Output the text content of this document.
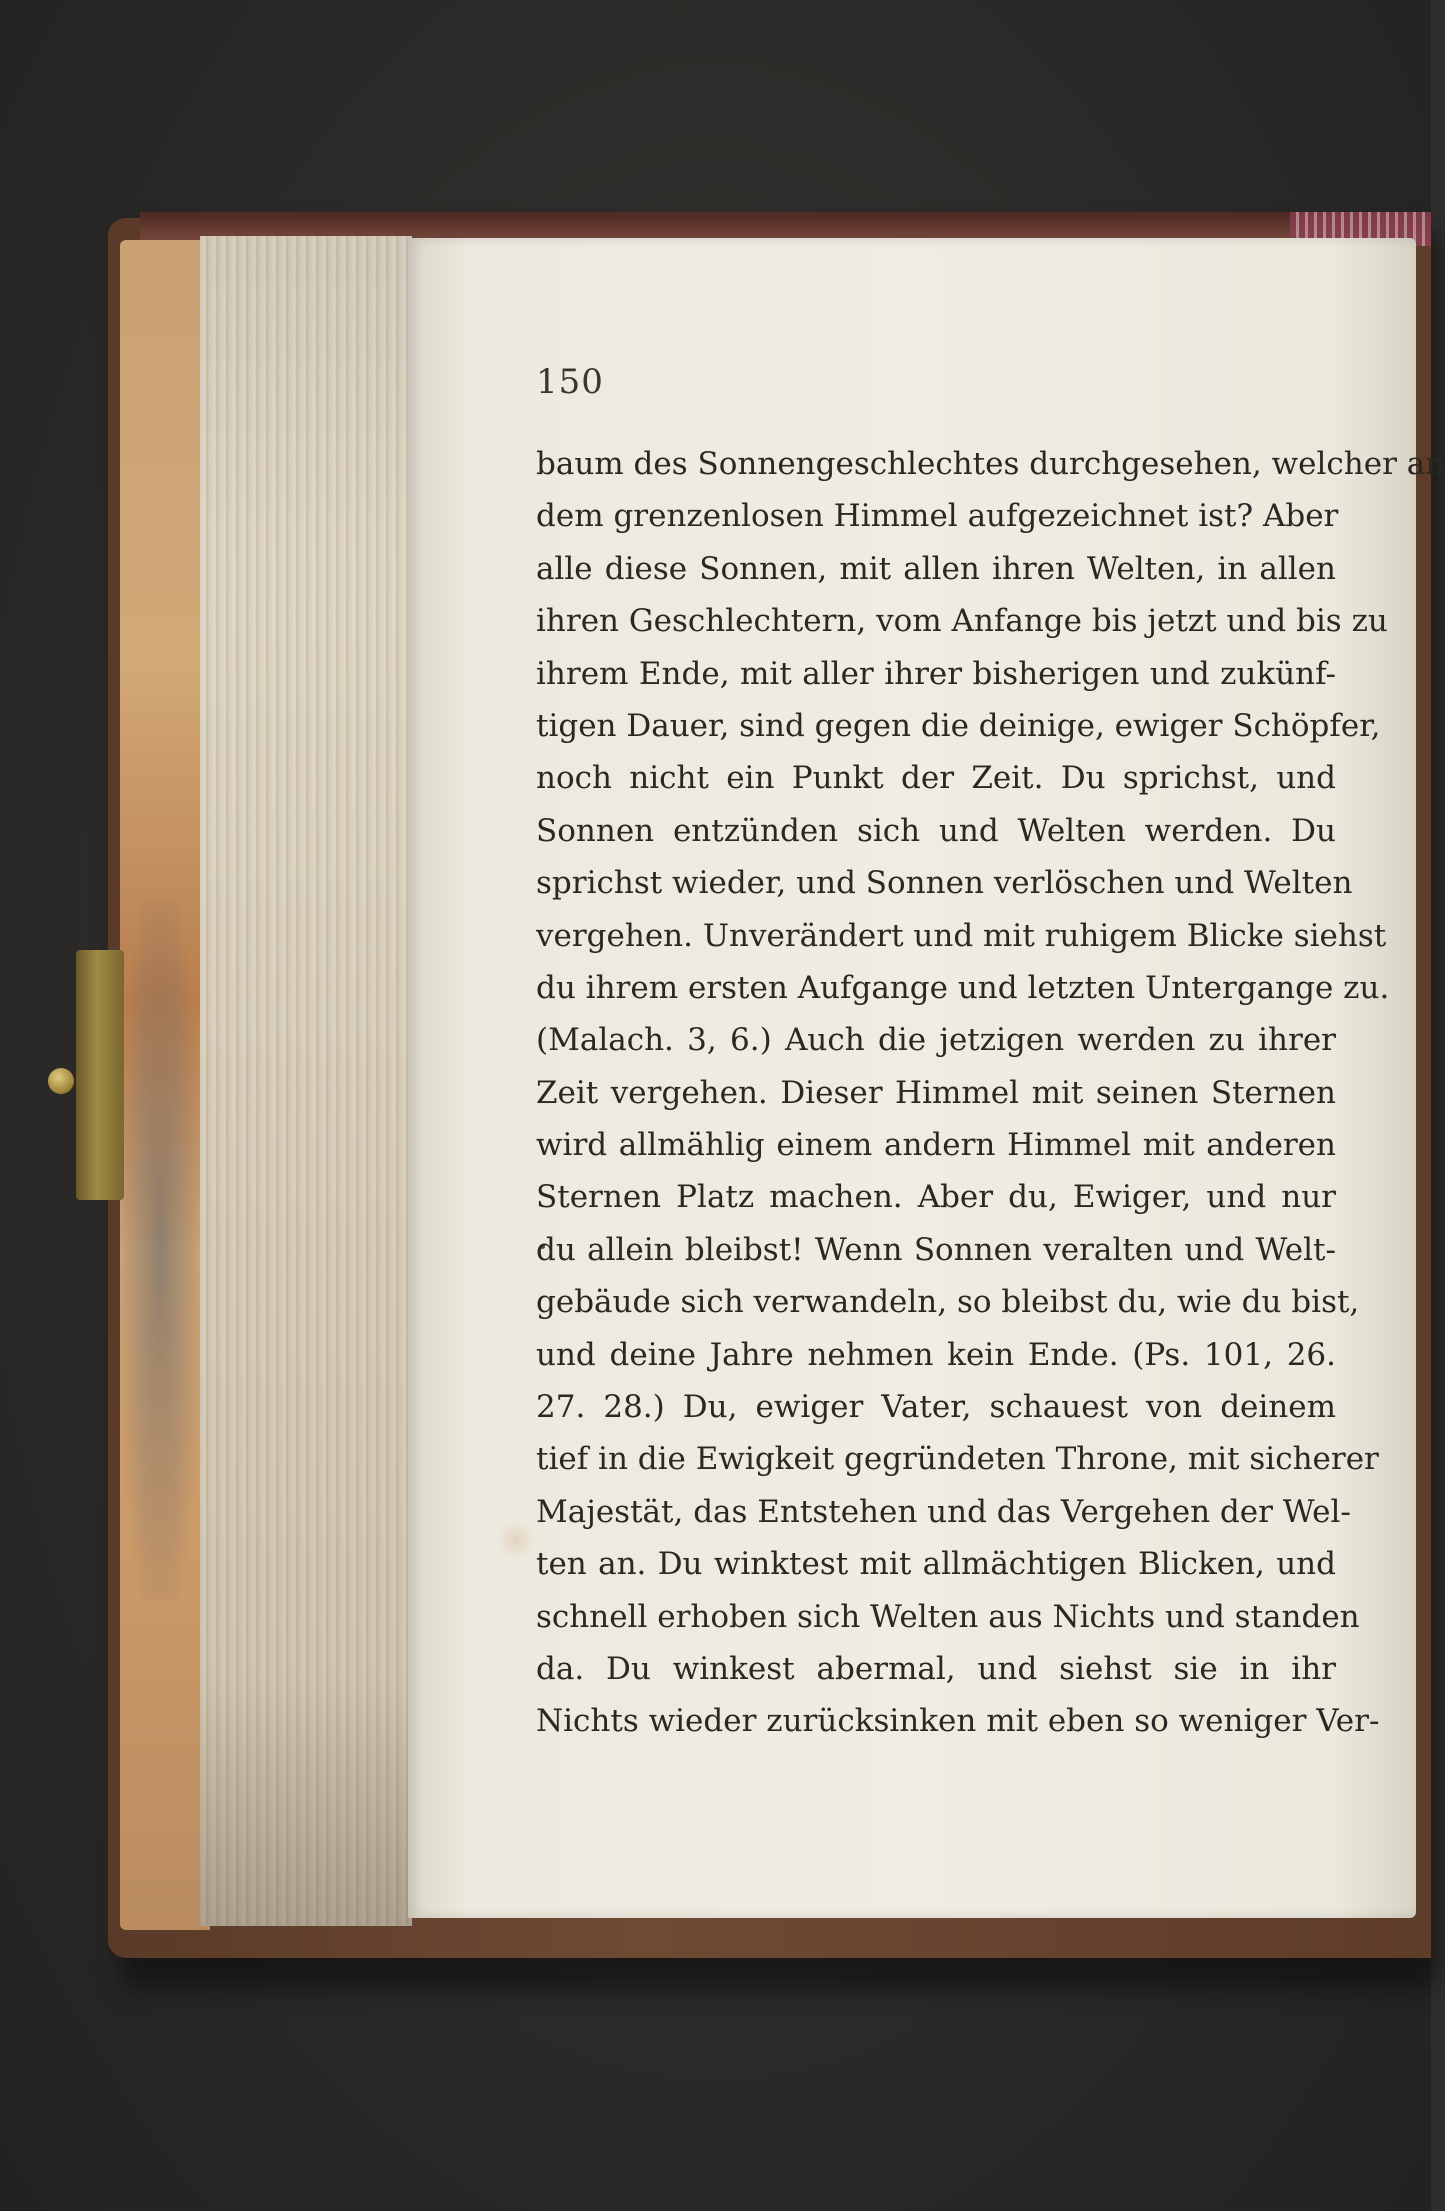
150
baum des Sonnengeschlechtes durchgesehen, welcher an
dem grenzenlosen Himmel aufgezeichnet ist? Aber
alle diese Sonnen, mit allen ihren Welten, in allen
ihren Geschlechtern, vom Anfange bis jetzt und bis zu
ihrem Ende, mit aller ihrer bisherigen und zukünf-
tigen Dauer, sind gegen die deinige, ewiger Schöpfer,
noch nicht ein Punkt der Zeit. Du sprichst, und
Sonnen entzünden sich und Welten werden. Du
sprichst wieder, und Sonnen verlöschen und Welten
vergehen. Unverändert und mit ruhigem Blicke siehst
du ihrem ersten Aufgange und letzten Untergange zu.
(Malach. 3, 6.) Auch die jetzigen werden zu ihrer
Zeit vergehen. Dieser Himmel mit seinen Sternen
wird allmählig einem andern Himmel mit anderen
Sternen Platz machen. Aber du, Ewiger, und nur
du allein bleibst! Wenn Sonnen veralten und Welt-
gebäude sich verwandeln, so bleibst du, wie du bist,
und deine Jahre nehmen kein Ende. (Ps. 101, 26.
27. 28.) Du, ewiger Vater, schauest von deinem
tief in die Ewigkeit gegründeten Throne, mit sicherer
Majestät, das Entstehen und das Vergehen der Wel-
ten an. Du winktest mit allmächtigen Blicken, und
schnell erhoben sich Welten aus Nichts und standen
da. Du winkest abermal, und siehst sie in ihr
Nichts wieder zurücksinken mit eben so weniger Ver-
